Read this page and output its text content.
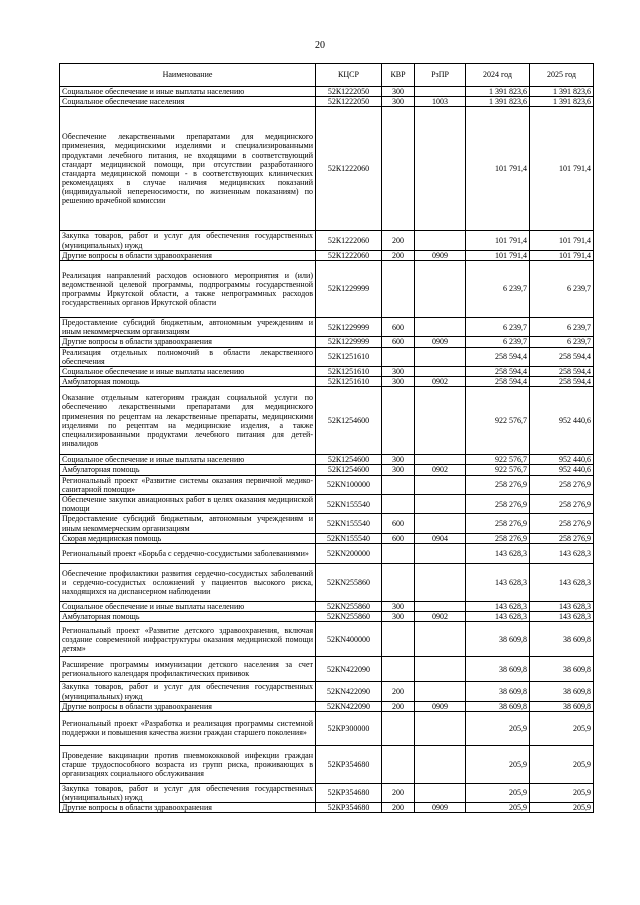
20
Наименование	КЦСР	КВР	РзПР	2024 год	2025 год
Социальное обеспечение и иные выплаты населению	52К1222050	300		1 391 823,6	1 391 823,6
Социальное обеспечение населения	52К1222050	300	1003	1 391 823,6	1 391 823,6
Обеспечение лекарственными препаратами для медицинского применения, медицинскими изделиями и специализированными продуктами лечебного питания, не входящими в соответствующий стандарт медицинской помощи, при отсутствии разработанного стандарта медицинской помощи - в соответствующих клинических рекомендациях в случае наличия медицинских показаний (индивидуальной непереносимости, по жизненным показаниям) по решению врачебной комиссии	52К1222060			101 791,4	101 791,4
Закупка товаров, работ и услуг для обеспечения государственных (муниципальных) нужд	52К1222060	200		101 791,4	101 791,4
Другие вопросы в области здравоохранения	52К1222060	200	0909	101 791,4	101 791,4
Реализация направлений расходов основного мероприятия и (или) ведомственной целевой программы, подпрограммы государственной программы Иркутской области, а также непрограммных расходов государственных органов Иркутской области	52К1229999			6 239,7	6 239,7
Предоставление субсидий бюджетным, автономным учреждениям и иным некоммерческим организациям	52К1229999	600		6 239,7	6 239,7
Другие вопросы в области здравоохранения	52К1229999	600	0909	6 239,7	6 239,7
Реализация отдельных полномочий в области лекарственного обеспечения	52К1251610			258 594,4	258 594,4
Социальное обеспечение и иные выплаты населению	52К1251610	300		258 594,4	258 594,4
Амбулаторная помощь	52К1251610	300	0902	258 594,4	258 594,4
Оказание отдельным категориям граждан социальной услуги по обеспечению лекарственными препаратами для медицинского применения по рецептам на лекарственные препараты, медицинскими изделиями по рецептам на медицинские изделия, а также специализированными продуктами лечебного питания для детей-инвалидов	52К1254600			922 576,7	952 440,6
Социальное обеспечение и иные выплаты населению	52К1254600	300		922 576,7	952 440,6
Амбулаторная помощь	52К1254600	300	0902	922 576,7	952 440,6
Региональный проект «Развитие системы оказания первичной медико-санитарной помощи»	52КN100000			258 276,9	258 276,9
Обеспечение закупки авиационных работ в целях оказания медицинской помощи	52КN155540			258 276,9	258 276,9
Предоставление субсидий бюджетным, автономным учреждениям и иным некоммерческим организациям	52КN155540	600		258 276,9	258 276,9
Скорая медицинская помощь	52КN155540	600	0904	258 276,9	258 276,9
Региональный проект «Борьба с сердечно-сосудистыми заболеваниями»	52КN200000			143 628,3	143 628,3
Обеспечение профилактики развития сердечно-сосудистых заболеваний и сердечно-сосудистых осложнений у пациентов высокого риска, находящихся на диспансерном наблюдении	52КN255860			143 628,3	143 628,3
Социальное обеспечение и иные выплаты населению	52КN255860	300		143 628,3	143 628,3
Амбулаторная помощь	52КN255860	300	0902	143 628,3	143 628,3
Региональный проект «Развитие детского здравоохранения, включая создание современной инфраструктуры оказания медицинской помощи детям»	52КN400000			38 609,8	38 609,8
Расширение программы иммунизации детского населения за счет регионального календаря профилактических прививок	52КN422090			38 609,8	38 609,8
Закупка товаров, работ и услуг для обеспечения государственных (муниципальных) нужд	52КN422090	200		38 609,8	38 609,8
Другие вопросы в области здравоохранения	52КN422090	200	0909	38 609,8	38 609,8
Региональный проект «Разработка и реализация программы системной поддержки и повышения качества жизни граждан старшего поколения»	52КР300000			205,9	205,9
Проведение вакцинации против пневмококковой инфекции граждан старше трудоспособного возраста из групп риска, проживающих в организациях социального обслуживания	52КР354680			205,9	205,9
Закупка товаров, работ и услуг для обеспечения государственных (муниципальных) нужд	52КР354680	200		205,9	205,9
Другие вопросы в области здравоохранения	52КР354680	200	0909	205,9	205,9
